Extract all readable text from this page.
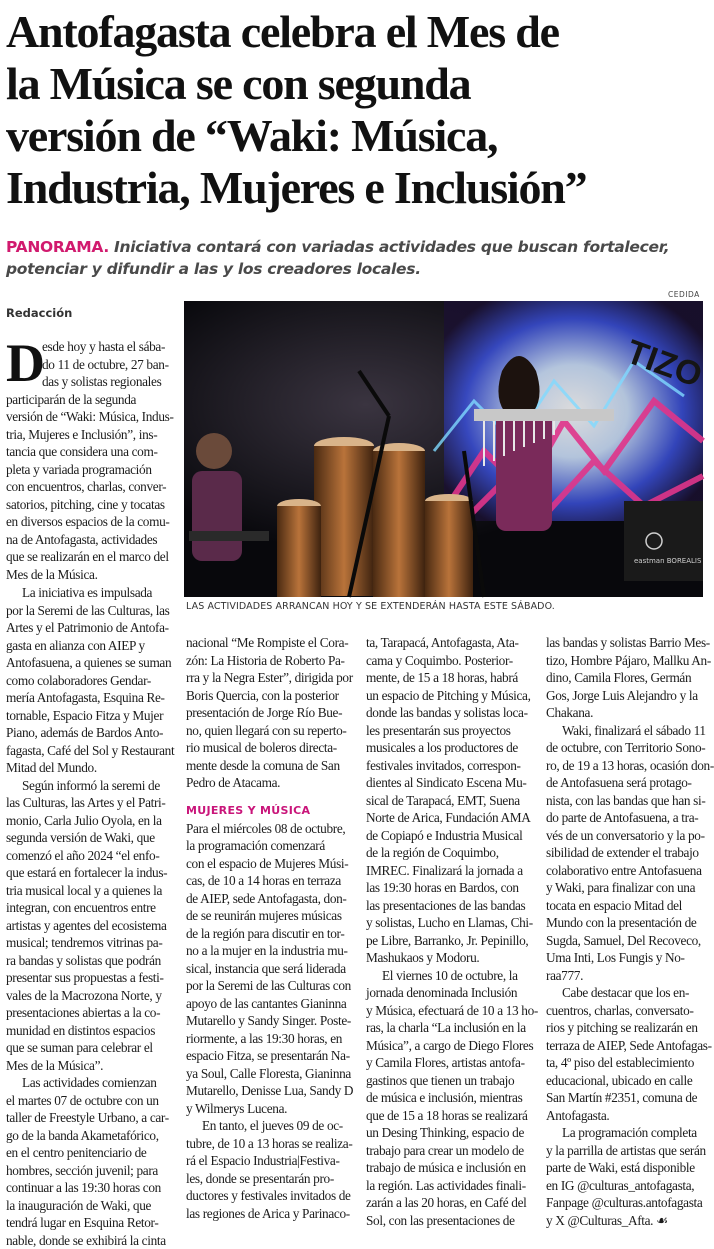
Antofagasta celebra el Mes de
la Música se con segunda
versión de “Waki: Música,
Industria, Mujeres e Inclusión”
PANORAMA. Iniciativa contará con variadas actividades que buscan fortalecer,
potenciar y difundir a las y los creadores locales.
Redacción
CEDIDA
TIZO
eastman BOREALIS
LAS ACTIVIDADES ARRANCAN HOY Y SE EXTENDERÁN HASTA ESTE SÁBADO.
D
esde hoy y hasta el sába-
do 11 de octubre, 27 ban-
das y solistas regionales
participarán de la segunda
versión de “Waki: Música, Indus-
tria, Mujeres e Inclusión”, ins-
tancia que considera una com-
pleta y variada programación
con encuentros, charlas, conver-
satorios, pitching, cine y tocatas
en diversos espacios de la comu-
na de Antofagasta, actividades
que se realizarán en el marco del
Mes de la Música.
La iniciativa es impulsada
por la Seremi de las Culturas, las
Artes y el Patrimonio de Antofa-
gasta en alianza con AIEP y
Antofasuena, a quienes se suman
como colaboradores Gendar-
mería Antofagasta, Esquina Re-
tornable, Espacio Fitza y Mujer
Piano, además de Bardos Anto-
fagasta, Café del Sol y Restaurant
Mitad del Mundo.
Según informó la seremi de
las Culturas, las Artes y el Patri-
monio, Carla Julio Oyola, en la
segunda versión de Waki, que
comenzó el año 2024 “el enfo-
que estará en fortalecer la indus-
tria musical local y a quienes la
integran, con encuentros entre
artistas y agentes del ecosistema
musical; tendremos vitrinas pa-
ra bandas y solistas que podrán
presentar sus propuestas a festi-
vales de la Macrozona Norte, y
presentaciones abiertas a la co-
munidad en distintos espacios
que se suman para celebrar el
Mes de la Música”.
Las actividades comienzan
el martes 07 de octubre con un
taller de Freestyle Urbano, a car-
go de la banda Akametafórico,
en el centro penitenciario de
hombres, sección juvenil; para
continuar a las 19:30 horas con
la inauguración de Waki, que
tendrá lugar en Esquina Retor-
nable, donde se exhibirá la cinta
nacional “Me Rompiste el Cora-
zón: La Historia de Roberto Pa-
rra y la Negra Ester”, dirigida por
Boris Quercia, con la posterior
presentación de Jorge Río Bue-
no, quien llegará con su reperto-
rio musical de boleros directa-
mente desde la comuna de San
Pedro de Atacama.
MUJERES Y MÚSICA
Para el miércoles 08 de octubre,
la programación comenzará
con el espacio de Mujeres Músi-
cas, de 10 a 14 horas en terraza
de AIEP, sede Antofagasta, don-
de se reunirán mujeres músicas
de la región para discutir en tor-
no a la mujer en la industria mu-
sical, instancia que será liderada
por la Seremi de las Culturas con
apoyo de las cantantes Gianinna
Mutarello y Sandy Singer. Poste-
riormente, a las 19:30 horas, en
espacio Fitza, se presentarán Na-
ya Soul, Calle Floresta, Gianinna
Mutarello, Denisse Lua, Sandy D
y Wilmerys Lucena.
En tanto, el jueves 09 de oc-
tubre, de 10 a 13 horas se realiza-
rá el Espacio Industria|Festiva-
les, donde se presentarán pro-
ductores y festivales invitados de
las regiones de Arica y Parinaco-
ta, Tarapacá, Antofagasta, Ata-
cama y Coquimbo. Posterior-
mente, de 15 a 18 horas, habrá
un espacio de Pitching y Música,
donde las bandas y solistas loca-
les presentarán sus proyectos
musicales a los productores de
festivales invitados, correspon-
dientes al Sindicato Escena Mu-
sical de Tarapacá, EMT, Suena
Norte de Arica, Fundación AMA
de Copiapó e Industria Musical
de la región de Coquimbo,
IMREC. Finalizará la jornada a
las 19:30 horas en Bardos, con
las presentaciones de las bandas
y solistas, Lucho en Llamas, Chi-
pe Libre, Barranko, Jr. Pepinillo,
Mashukaos y Modoru.
El viernes 10 de octubre, la
jornada denominada Inclusión
y Música, efectuará de 10 a 13 ho-
ras, la charla “La inclusión en la
Música”, a cargo de Diego Flores
y Camila Flores, artistas antofa-
gastinos que tienen un trabajo
de música e inclusión, mientras
que de 15 a 18 horas se realizará
un Desing Thinking, espacio de
trabajo para crear un modelo de
trabajo de música e inclusión en
la región. Las actividades finali-
zarán a las 20 horas, en Café del
Sol, con las presentaciones de
las bandas y solistas Barrio Mes-
tizo, Hombre Pájaro, Mallku An-
dino, Camila Flores, Germán
Gos, Jorge Luis Alejandro y la
Chakana.
Waki, finalizará el sábado 11
de octubre, con Territorio Sono-
ro, de 19 a 13 horas, ocasión don-
de Antofasuena será protago-
nista, con las bandas que han si-
do parte de Antofasuena, a tra-
vés de un conversatorio y la po-
sibilidad de extender el trabajo
colaborativo entre Antofasuena
y Waki, para finalizar con una
tocata en espacio Mitad del
Mundo con la presentación de
Sugda, Samuel, Del Recoveco,
Uma Inti, Los Fungis y No-
raa777.
Cabe destacar que los en-
cuentros, charlas, conversato-
rios y pitching se realizarán en
terraza de AIEP, Sede Antofagas-
ta, 4º piso del establecimiento
educacional, ubicado en calle
San Martín #2351, comuna de
Antofagasta.
La programación completa
y la parrilla de artistas que serán
parte de Waki, está disponible
en IG @culturas_antofagasta,
Fanpage @culturas.antofagasta
y X @Culturas_Afta. ☙
